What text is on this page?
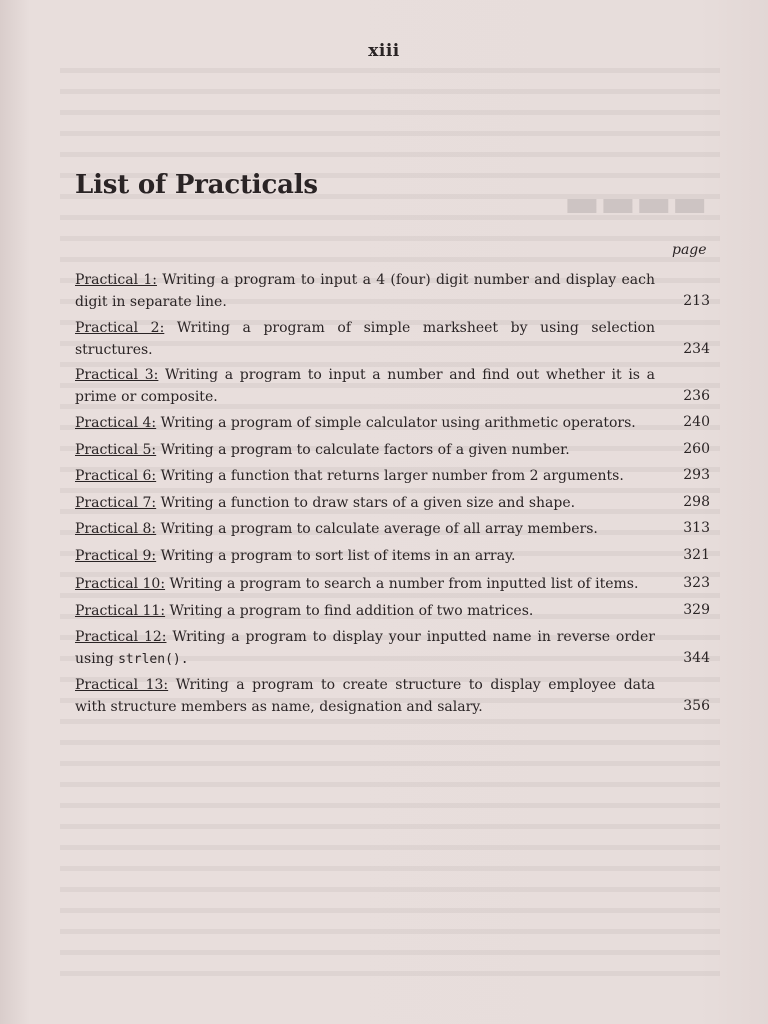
▬▬▬▬
xiii
List of Practicals
page
Practical 1: Writing a program to input a 4 (four) digit number and display each digit in separate line.	213
Practical 2: Writing a program of simple marksheet by using selection structures.	234
Practical 3: Writing a program to input a number and find out whether it is a prime or composite.	236
Practical 4: Writing a program of simple calculator using arithmetic operators.	240
Practical 5: Writing a program to calculate factors of a given number.	260
Practical 6: Writing a function that returns larger number from 2 arguments.	293
Practical 7: Writing a function to draw stars of a given size and shape.	298
Practical 8: Writing a program to calculate average of all array members.	313
Practical 9: Writing a program to sort list of items in an array.	321
Practical 10: Writing a program to search a number from inputted list of items.	323
Practical 11: Writing a program to find addition of two matrices.	329
Practical 12: Writing a program to display your inputted name in reverse order using strlen().	344
Practical 13: Writing a program to create structure to display employee data with structure members as name, designation and salary.	356
